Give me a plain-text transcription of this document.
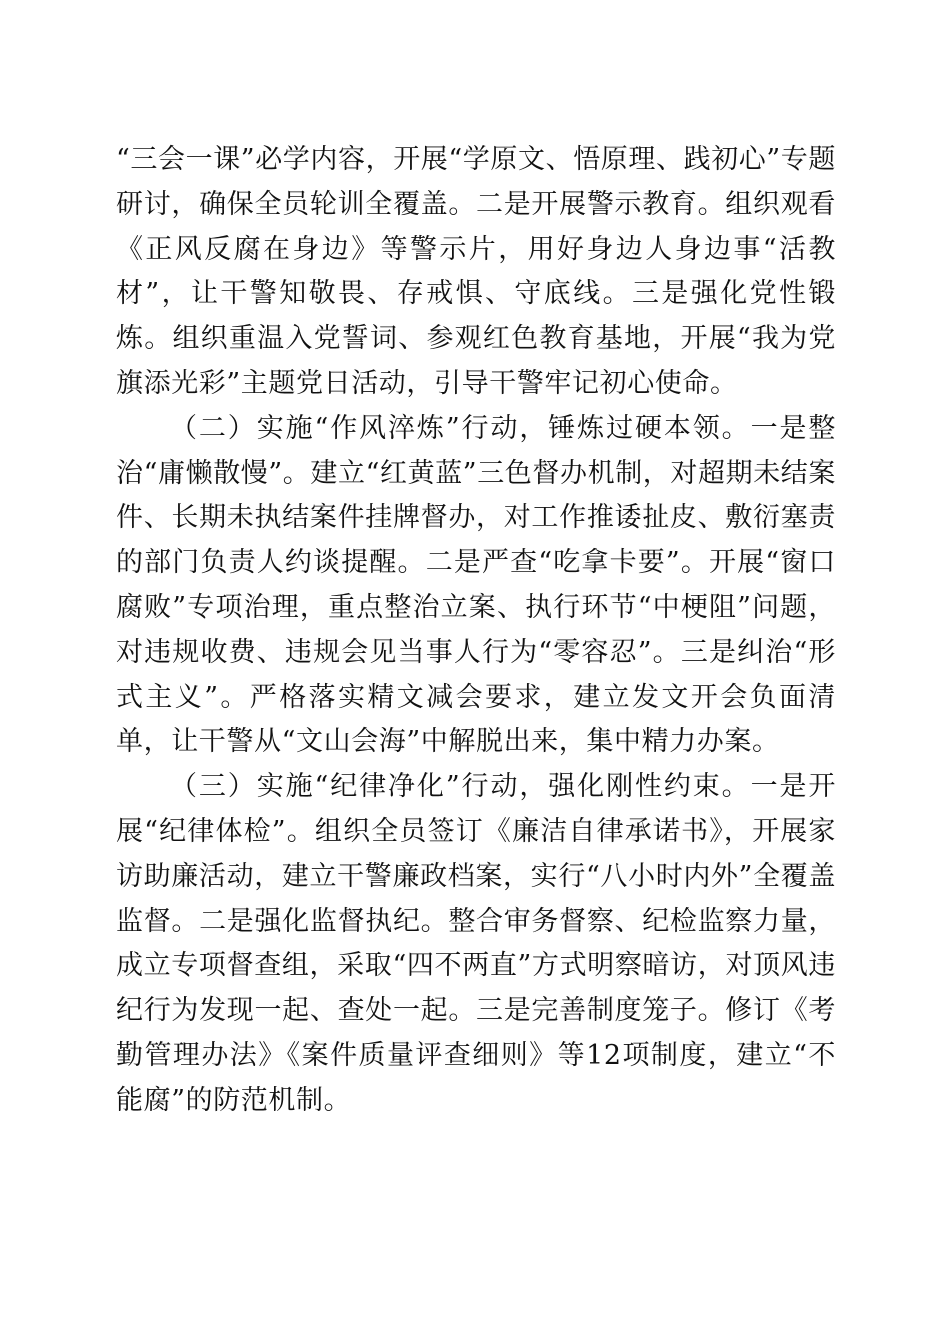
“三会一课”必学内容，开展“学原文、悟原理、践初心”专题研讨，确保全员轮训全覆盖。二是开展警示教育。组织观看《正风反腐在身边》等警示片，用好身边人身边事“活教材”，让干警知敬畏、存戒惧、守底线。三是强化党性锻炼。组织重温入党誓词、参观红色教育基地，开展“我为党旗添光彩”主题党日活动，引导干警牢记初心使命。

（二）实施“作风淬炼”行动，锤炼过硬本领。一是整治“庸懒散慢”。建立“红黄蓝”三色督办机制，对超期未结案件、长期未执结案件挂牌督办，对工作推诿扯皮、敷衍塞责的部门负责人约谈提醒。二是严查“吃拿卡要”。开展“窗口腐败”专项治理，重点整治立案、执行环节“中梗阻”问题，对违规收费、违规会见当事人行为“零容忍”。三是纠治“形式主义”。严格落实精文减会要求，建立发文开会负面清单，让干警从“文山会海”中解脱出来，集中精力办案。

（三）实施“纪律净化”行动，强化刚性约束。一是开展“纪律体检”。组织全员签订《廉洁自律承诺书》，开展家访助廉活动，建立干警廉政档案，实行“八小时内外”全覆盖监督。二是强化监督执纪。整合审务督察、纪检监察力量，成立专项督查组，采取“四不两直”方式明察暗访，对顶风违纪行为发现一起、查处一起。三是完善制度笼子。修订《考勤管理办法》《案件质量评查细则》等12项制度，建立“不能腐”的防范机制。
